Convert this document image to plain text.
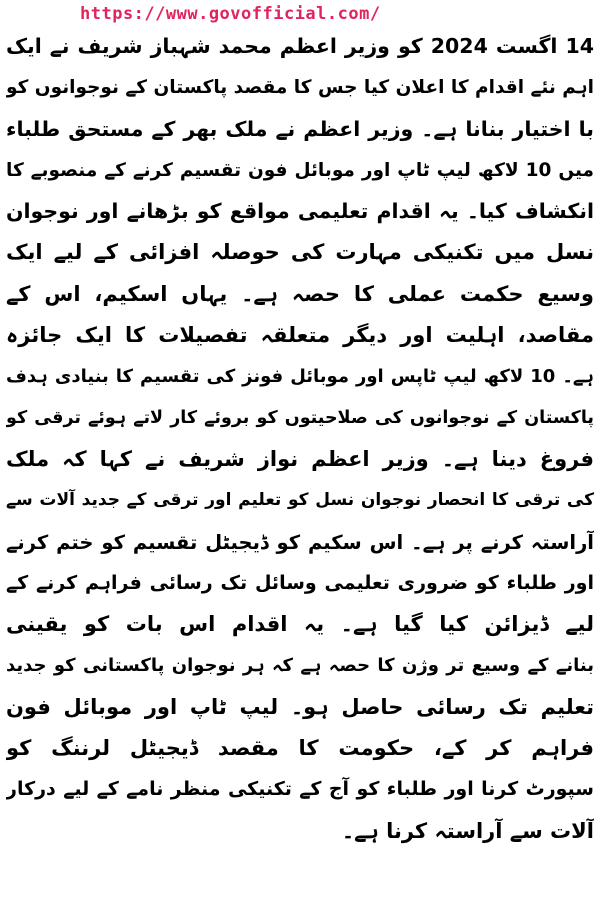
https://www.govofficial.com/
14 اگست 2024 کو وزیر اعظم محمد شہباز شریف نے ایک
اہم نئے اقدام کا اعلان کیا جس کا مقصد پاکستان کے نوجوانوں کو
با اختیار بنانا ہے۔ وزیر اعظم نے ملک بھر کے مستحق طلباء
میں 10 لاکھ لیپ ٹاپ اور موبائل فون تقسیم کرنے کے منصوبے کا
انکشاف کیا۔ یہ اقدام تعلیمی مواقع کو بڑھانے اور نوجوان
نسل میں تکنیکی مہارت کی حوصلہ افزائی کے لیے ایک
وسیع حکمت عملی کا حصہ ہے۔ یہاں اسکیم، اس کے
مقاصد، اہلیت اور دیگر متعلقہ تفصیلات کا ایک جائزہ
ہے۔ 10 لاکھ لیپ ٹاپس اور موبائل فونز کی تقسیم کا بنیادی ہدف
پاکستان کے نوجوانوں کی صلاحیتوں کو بروئے کار لاتے ہوئے ترقی کو
فروغ دینا ہے۔ وزیر اعظم نواز شریف نے کہا کہ ملک
کی ترقی کا انحصار نوجوان نسل کو تعلیم اور ترقی کے جدید آلات سے
آراستہ کرنے پر ہے۔ اس سکیم کو ڈیجیٹل تقسیم کو ختم کرنے
اور طلباء کو ضروری تعلیمی وسائل تک رسائی فراہم کرنے کے
لیے ڈیزائن کیا گیا ہے۔ یہ اقدام اس بات کو یقینی
بنانے کے وسیع تر وژن کا حصہ ہے کہ ہر نوجوان پاکستانی کو جدید
تعلیم تک رسائی حاصل ہو۔ لیپ ٹاپ اور موبائل فون
فراہم کر کے، حکومت کا مقصد ڈیجیٹل لرننگ کو
سپورٹ کرنا اور طلباء کو آج کے تکنیکی منظر نامے کے لیے درکار
آلات سے آراستہ کرنا ہے۔
